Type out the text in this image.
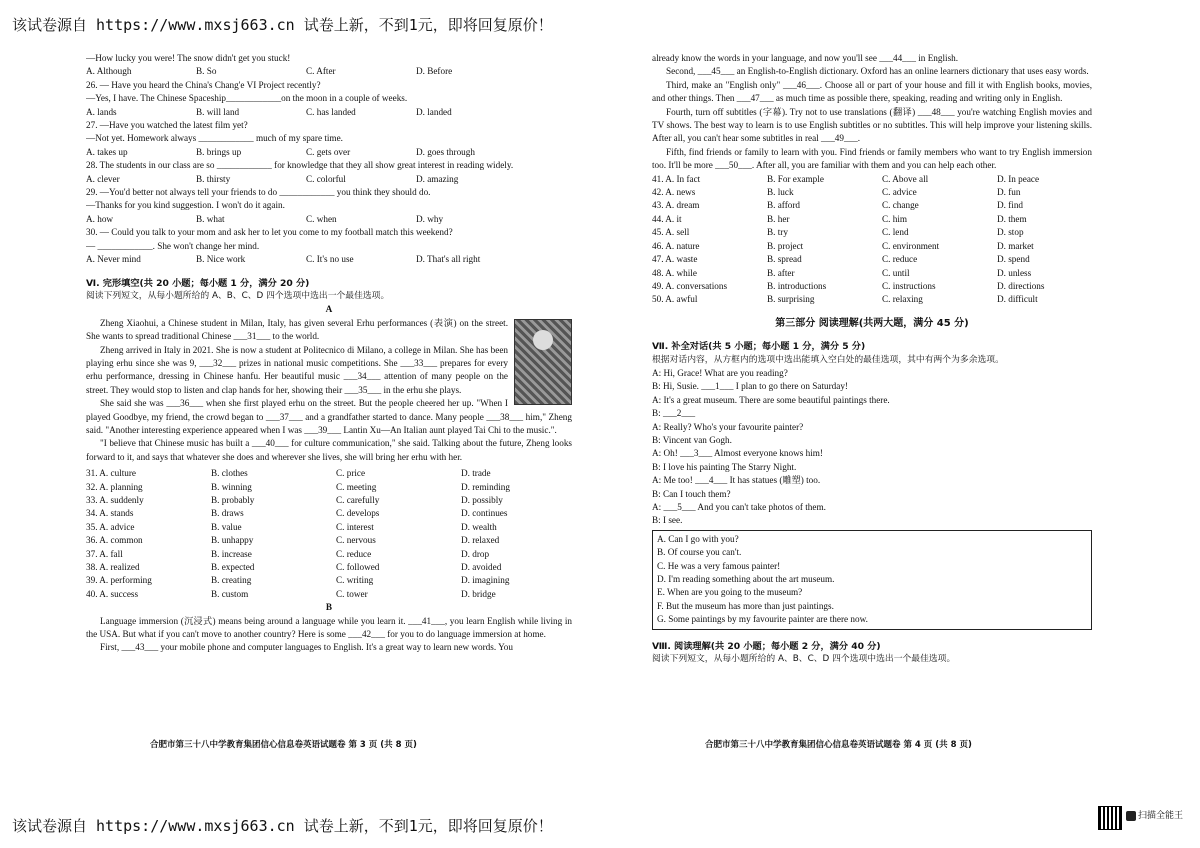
该试卷源自 https://www.mxsj663.cn 试卷上新，不到1元，即将回复原价！
—How lucky you were! The snow didn't get you stuck!
A. Although	B. So	C. After	D. Before
26. — Have you heard the China's Chang'e VI Project recently?
—Yes, I have. The Chinese Spaceship____________on the moon in a couple of weeks.
A. lands	B. will land	C. has landed	D. landed
27. —Have you watched the latest film yet?
—Not yet. Homework always ____________ much of my spare time.
A. takes up	B. brings up	C. gets over	D. goes through
28. The students in our class are so ____________ for knowledge that they all show great interest in reading widely.
A. clever	B. thirsty	C. colorful	D. amazing
29. —You'd better not always tell your friends to do ____________ you think they should do.
—Thanks for you kind suggestion. I won't do it again.
A. how	B. what	C. when	D. why
30. — Could you talk to your mom and ask her to let you come to my football match this weekend?
— ____________. She won't change her mind.
A. Never mind	B. Nice work	C. It's no use	D. That's all right
Ⅵ. 完形填空(共 20 小题；每小题 1 分，满分 20 分)
阅读下列短文，从每小题所给的 A、B、C、D 四个选项中选出一个最佳选项。
A
Zheng Xiaohui, a Chinese student in Milan, Italy, has given several Erhu performances (表演) on the street. She wants to spread traditional Chinese ___31___ to the world.
Zheng arrived in Italy in 2021. She is now a student at Politecnico di Milano, a college in Milan. She has been playing erhu since she was 9, ___32___ prizes in national music competitions. She ___33___ prepares for every erhu performance, dressing in Chinese hanfu. Her beautiful music ___34___ attention of many people on the street. They would stop to listen and clap hands for her, showing their ___35___ in the erhu she plays.
She said she was ___36___ when she first played erhu on the street. But the people cheered her up. "When I played Goodbye, my friend, the crowd began to ___37___ and a grandfather started to dance. Many people ___38___ him," Zheng said. "Another interesting experience appeared when I was ___39___ Lantin Xu—An Italian aunt played Tai Chi to the music.".
"I believe that Chinese music has built a ___40___ for culture communication," she said. Talking about the future, Zheng looks forward to it, and says that whatever she does and wherever she lives, she will bring her erhu with her.
31. A. culture	B. clothes	C. price	D. trade
32. A. planning	B. winning	C. meeting	D. reminding
33. A. suddenly	B. probably	C. carefully	D. possibly
34. A. stands	B. draws	C. develops	D. continues
35. A. advice	B. value	C. interest	D. wealth
36. A. common	B. unhappy	C. nervous	D. relaxed
37. A. fall	B. increase	C. reduce	D. drop
38. A. realized	B. expected	C. followed	D. avoided
39. A. performing	B. creating	C. writing	D. imagining
40. A. success	B. custom	C. tower	D. bridge
B
Language immersion (沉浸式) means being around a language while you learn it. ___41___, you learn English while living in the USA. But what if you can't move to another country? Here is some ___42___ for you to do language immersion at home.
First, ___43___ your mobile phone and computer languages to English. It's a great way to learn new words. You
合肥市第三十八中学教育集团信心信息卷英语试题卷 第 3 页 (共 8 页)
already know the words in your language, and now you'll see ___44___ in English.
Second, ___45___ an English-to-English dictionary. Oxford has an online learners dictionary that uses easy words.
Third, make an "English only" ___46___. Choose all or part of your house and fill it with English books, movies, and other things. Then ___47___ as much time as possible there, speaking, reading and writing only in English.
Fourth, turn off subtitles (字幕). Try not to use translations (翻译) ___48___ you're watching English movies and TV shows. The best way to learn is to use English subtitles or no subtitles. This will help improve your listening skills. After all, you can't hear some subtitles in real ___49___.
Fifth, find friends or family to learn with you. Find friends or family members who want to try English immersion too. It'll be more ___50___. After all, you are familiar with them and you can help each other.
41. A. In fact	B. For example	C. Above all	D. In peace
42. A. news	B. luck	C. advice	D. fun
43. A. dream	B. afford	C. change	D. find
44. A. it	B. her	C. him	D. them
45. A. sell	B. try	C. lend	D. stop
46. A. nature	B. project	C. environment	D. market
47. A. waste	B. spread	C. reduce	D. spend
48. A. while	B. after	C. until	D. unless
49. A. conversations	B. introductions	C. instructions	D. directions
50. A. awful	B. surprising	C. relaxing	D. difficult
第三部分 阅读理解(共两大题，满分 45 分)
Ⅶ. 补全对话(共 5 小题；每小题 1 分，满分 5 分)
根据对话内容，从方框内的选项中选出能填入空白处的最佳选项，其中有两个为多余选项。
A: Hi, Grace! What are you reading?
B: Hi, Susie. ___1___ I plan to go there on Saturday!
A: It's a great museum. There are some beautiful paintings there.
B: ___2___
A: Really? Who's your favourite painter?
B: Vincent van Gogh.
A: Oh! ___3___ Almost everyone knows him!
B: I love his painting The Starry Night.
A: Me too! ___4___ It has statues (雕塑) too.
B: Can I touch them?
A: ___5___ And you can't take photos of them.
B: I see.
A. Can I go with you?
B. Of course you can't.
C. He was a very famous painter!
D. I'm reading something about the art museum.
E. When are you going to the museum?
F. But the museum has more than just paintings.
G. Some paintings by my favourite painter are there now.
Ⅷ. 阅读理解(共 20 小题；每小题 2 分，满分 40 分)
阅读下列短文，从每小题所给的 A、B、C、D 四个选项中选出一个最佳选项。
合肥市第三十八中学教育集团信心信息卷英语试题卷 第 4 页 (共 8 页)
该试卷源自 https://www.mxsj663.cn 试卷上新，不到1元，即将回复原价！
扫描全能王
